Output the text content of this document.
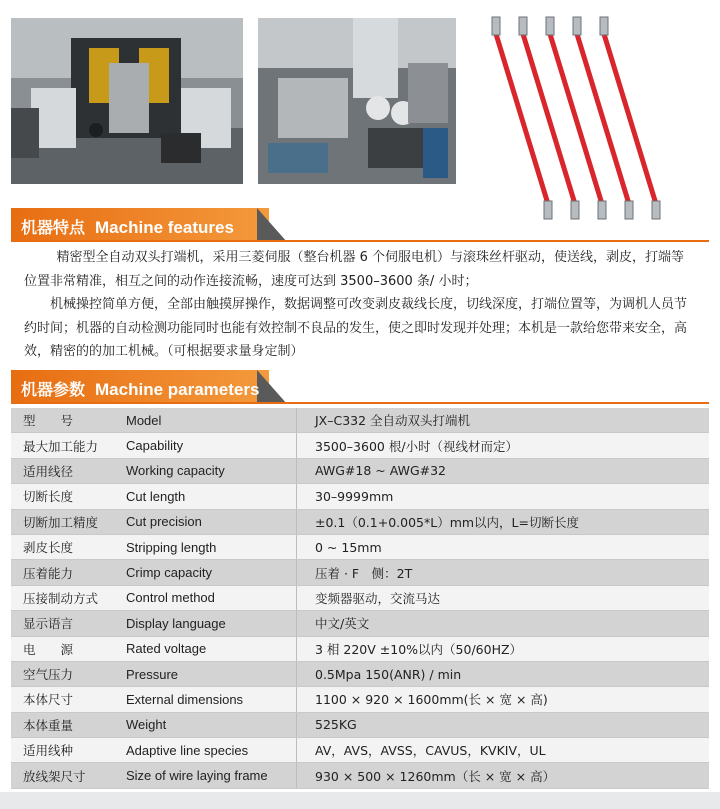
机器特点 Machine features

精密型全自动双头打端机，采用三菱伺服（整台机器 6 个伺服电机）与滚珠丝杆驱动，使送线，剥皮，打端等位置非常精准，相互之间的动作连接流畅，速度可达到 3500–3600 条/ 小时；

机械操控简单方便，全部由触摸屏操作，数据调整可改变剥皮裁线长度，切线深度，打端位置等，为调机人员节约时间；机器的自动检测功能同时也能有效控制不良品的发生，使之即时发现并处理；本机是一款给您带来安全，高效，精密的的加工机械。（可根据要求量身定制）

机器参数 Machine parameters
型　　号	Model	JX–C332 全自动双头打端机
最大加工能力	Capability	3500–3600 根/小时（视线材而定）
适用线径	Working capacity	AWG#18 ~ AWG#32
切断长度	Cut length	30–9999mm
切断加工精度	Cut precision	±0.1（0.1+0.005*L）mm以内，L=切断长度
剥皮长度	Stripping length	0 ~ 15mm
压着能力	Crimp capacity	压着 · F　侧：2T
压接制动方式	Control method	变频器驱动，交流马达
显示语言	Display language	中文/英文
电　　源	Rated voltage	3 相 220V ±10%以内（50/60HZ）
空气压力	Pressure	0.5Mpa 150(ANR) / min
本体尺寸	External dimensions	1100 × 920 × 1600mm(长 × 宽 × 高)
本体重量	Weight	525KG
适用线种	Adaptive line species	AV，AVS，AVSS，CAVUS，KVKIV，UL
放线架尺寸	Size of wire laying frame	930 × 500 × 1260mm（长 × 宽 × 高）
